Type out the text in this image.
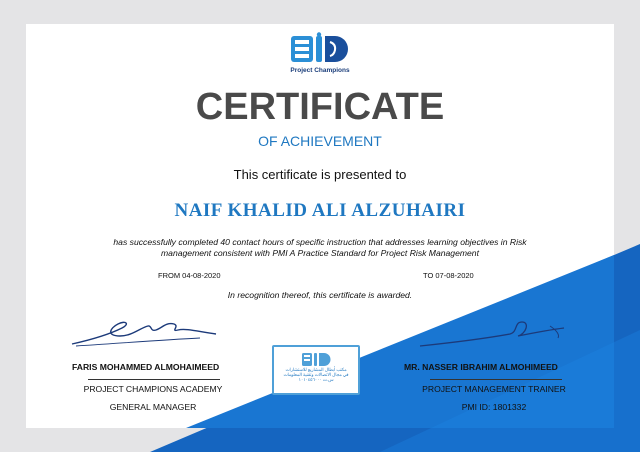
Project Champions
CERTIFICATE
OF ACHIEVEMENT
This certificate is presented to
NAIF KHALID ALI ALZUHAIRI
has successfully completed 40 contact hours of specific instruction that addresses learning objectives in Risk management consistent with PMI A Practice Standard for Project Risk Management
FROM 04-08-2020	TO 07-08-2020
In recognition thereof, this certificate is awarded.
FARIS MOHAMMED ALMOHAIMEED	MR. NASSER IBRAHIM ALMOHIMEED
PROJECT CHAMPIONS ACADEMY
GENERAL MANAGER
PROJECT MANAGEMENT TRAINER
PMI ID: 1801332
مكتب أبطال المشاريع للاستشارات
في مجال الاتصالات وتقنية المعلومات
س.ت ١٠١٠٤٥٦٠٠٠
